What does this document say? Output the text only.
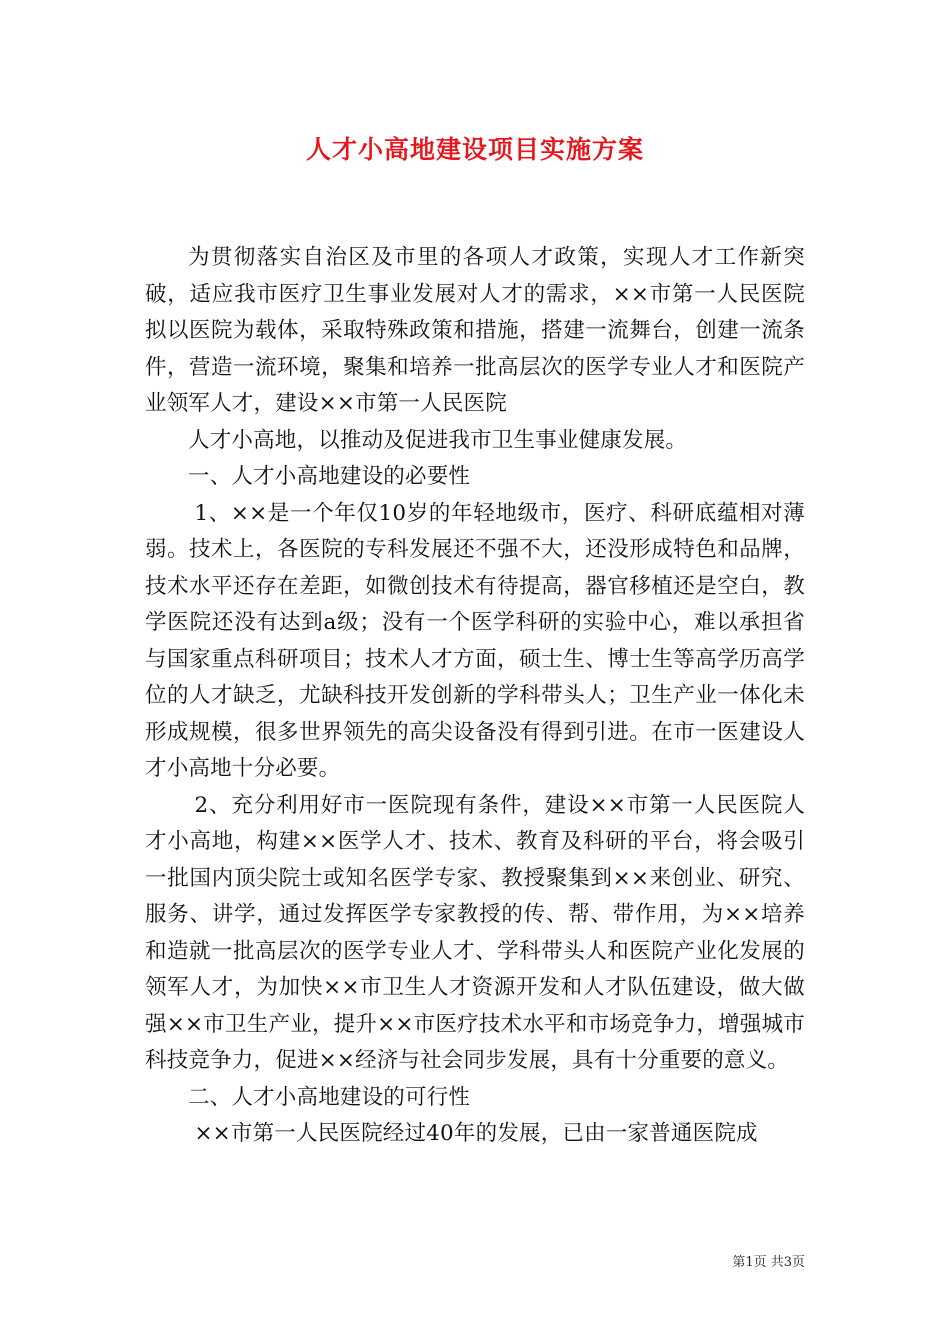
人才小高地建设项目实施方案

为贯彻落实自治区及市里的各项人才政策，实现人才工作新突破，适应我市医疗卫生事业发展对人才的需求，××市第一人民医院拟以医院为载体，采取特殊政策和措施，搭建一流舞台，创建一流条件，营造一流环境，聚集和培养一批高层次的医学专业人才和医院产业领军人才，建设××市第一人民医院

人才小高地，以推动及促进我市卫生事业健康发展。

一、人才小高地建设的必要性

1、××是一个年仅10岁的年轻地级市，医疗、科研底蕴相对薄弱。技术上，各医院的专科发展还不强不大，还没形成特色和品牌，技术水平还存在差距，如微创技术有待提高，器官移植还是空白，教学医院还没有达到a级；没有一个医学科研的实验中心，难以承担省与国家重点科研项目；技术人才方面，硕士生、博士生等高学历高学位的人才缺乏，尤缺科技开发创新的学科带头人；卫生产业一体化未形成规模，很多世界领先的高尖设备没有得到引进。在市一医建设人才小高地十分必要。

2、充分利用好市一医院现有条件，建设××市第一人民医院人才小高地，构建××医学人才、技术、教育及科研的平台，将会吸引一批国内顶尖院士或知名医学专家、教授聚集到××来创业、研究、服务、讲学，通过发挥医学专家教授的传、帮、带作用，为××培养和造就一批高层次的医学专业人才、学科带头人和医院产业化发展的领军人才，为加快××市卫生人才资源开发和人才队伍建设，做大做强××市卫生产业，提升××市医疗技术水平和市场竞争力，增强城市科技竞争力，促进××经济与社会同步发展，具有十分重要的意义。

二、人才小高地建设的可行性

××市第一人民医院经过40年的发展，已由一家普通医院成

第1页 共3页
